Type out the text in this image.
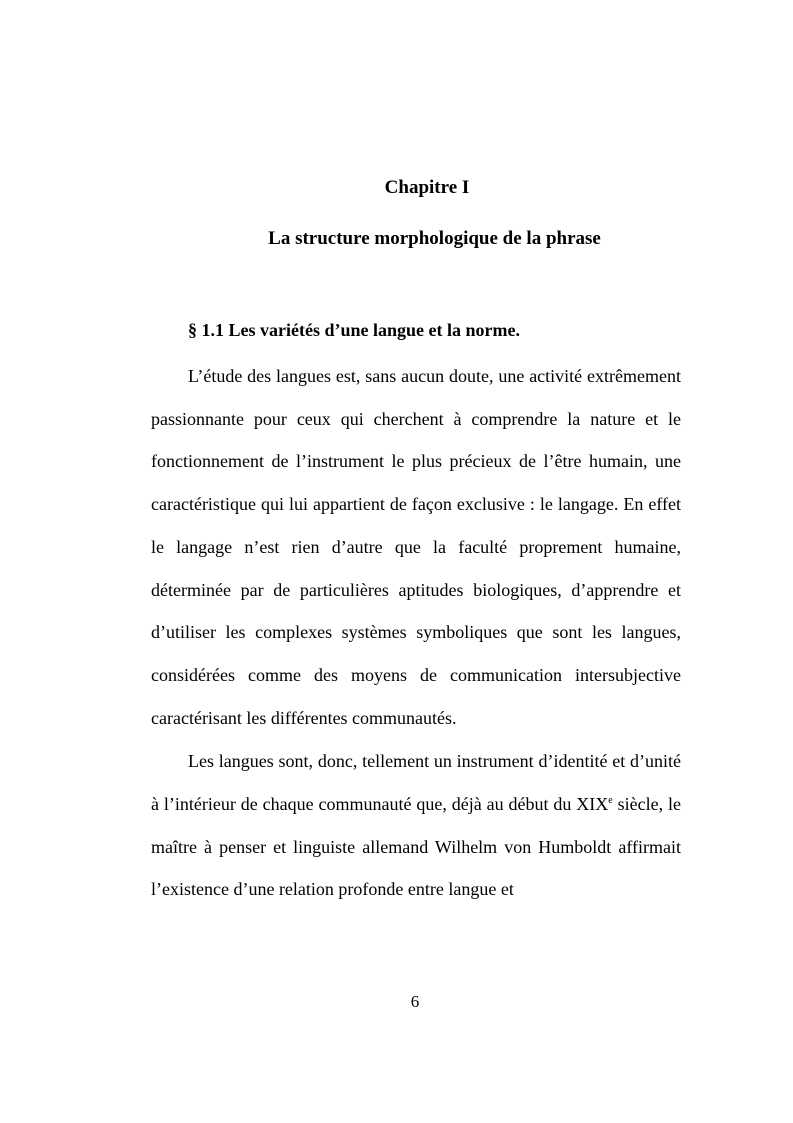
Chapitre I
La structure morphologique de la phrase
§ 1.1 Les variétés d’une langue et la norme.

L’étude des langues est, sans aucun doute, une activité extrêmement passionnante pour ceux qui cherchent à comprendre la nature et le fonctionnement de l’instrument le plus précieux de l’être humain, une caractéristique qui lui appartient de façon exclusive : le langage. En effet le langage n’est rien d’autre que la faculté proprement humaine, déterminée par de particulières aptitudes biologiques, d’apprendre et d’utiliser les complexes systèmes symboliques que sont les langues, considérées comme des moyens de communication intersubjective caractérisant les différentes communautés.

Les langues sont, donc, tellement un instrument d’identité et d’unité à l’intérieur de chaque communauté que, déjà au début du XIXe siècle, le maître à penser et linguiste allemand Wilhelm von Humboldt affirmait l’existence d’une relation profonde entre langue et

6
